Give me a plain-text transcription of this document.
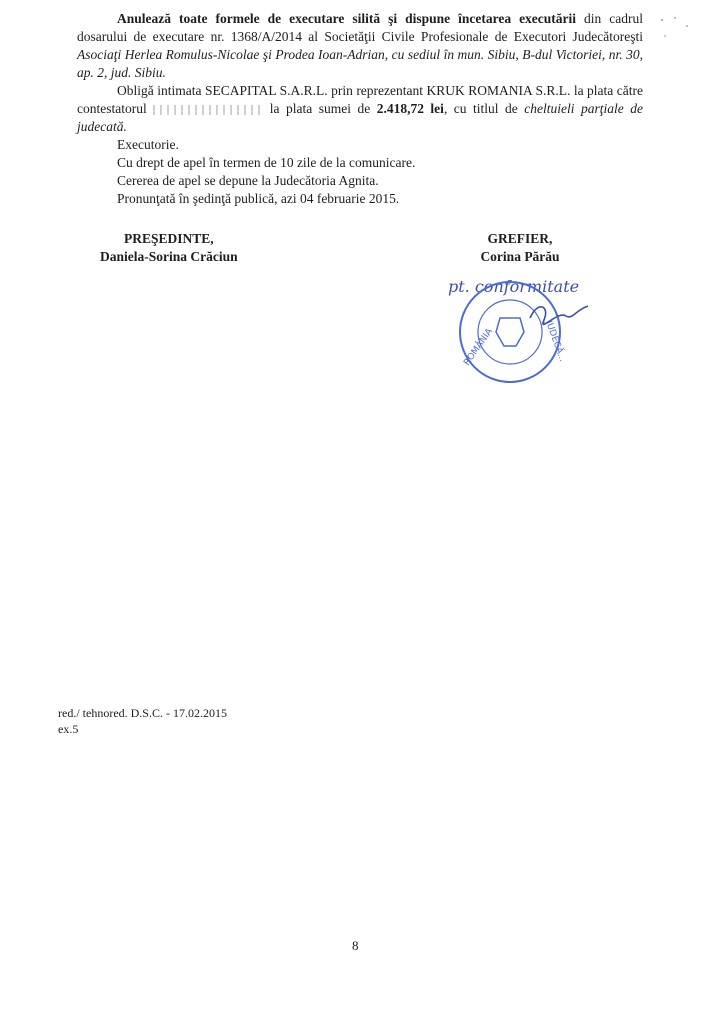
Anulează toate formele de executare silită şi dispune încetarea executării din cadrul dosarului de executare nr. 1368/A/2014 al Societăţii Civile Profesionale de Executori Judecătoreşti Asociaţi Herlea Romulus-Nicolae şi Prodea Ioan-Adrian, cu sediul în mun. Sibiu, B-dul Victoriei, nr. 30, ap. 2, jud. Sibiu.

Obligă intimata SECAPITAL S.A.R.L. prin reprezentant KRUK ROMANIA S.R.L. la plata către contestatorul	la plata sumei de 2.418,72 lei, cu titlul de cheltuieli parţiale de judecată.

Executorie.

Cu drept de apel în termen de 10 zile de la comunicare.

Cererea de apel se depune la Judecătoria Agnita.

Pronunţată în şedinţă publică, azi 04 februarie 2015.

PREŞEDINTE,
Daniela-Sorina Crăciun
GREFIER,
Corina Părău
pt. conformitate
ROMÂNIA	JUDECĂ...
red./ tehnored. D.S.C. - 17.02.2015
ex.5
8
